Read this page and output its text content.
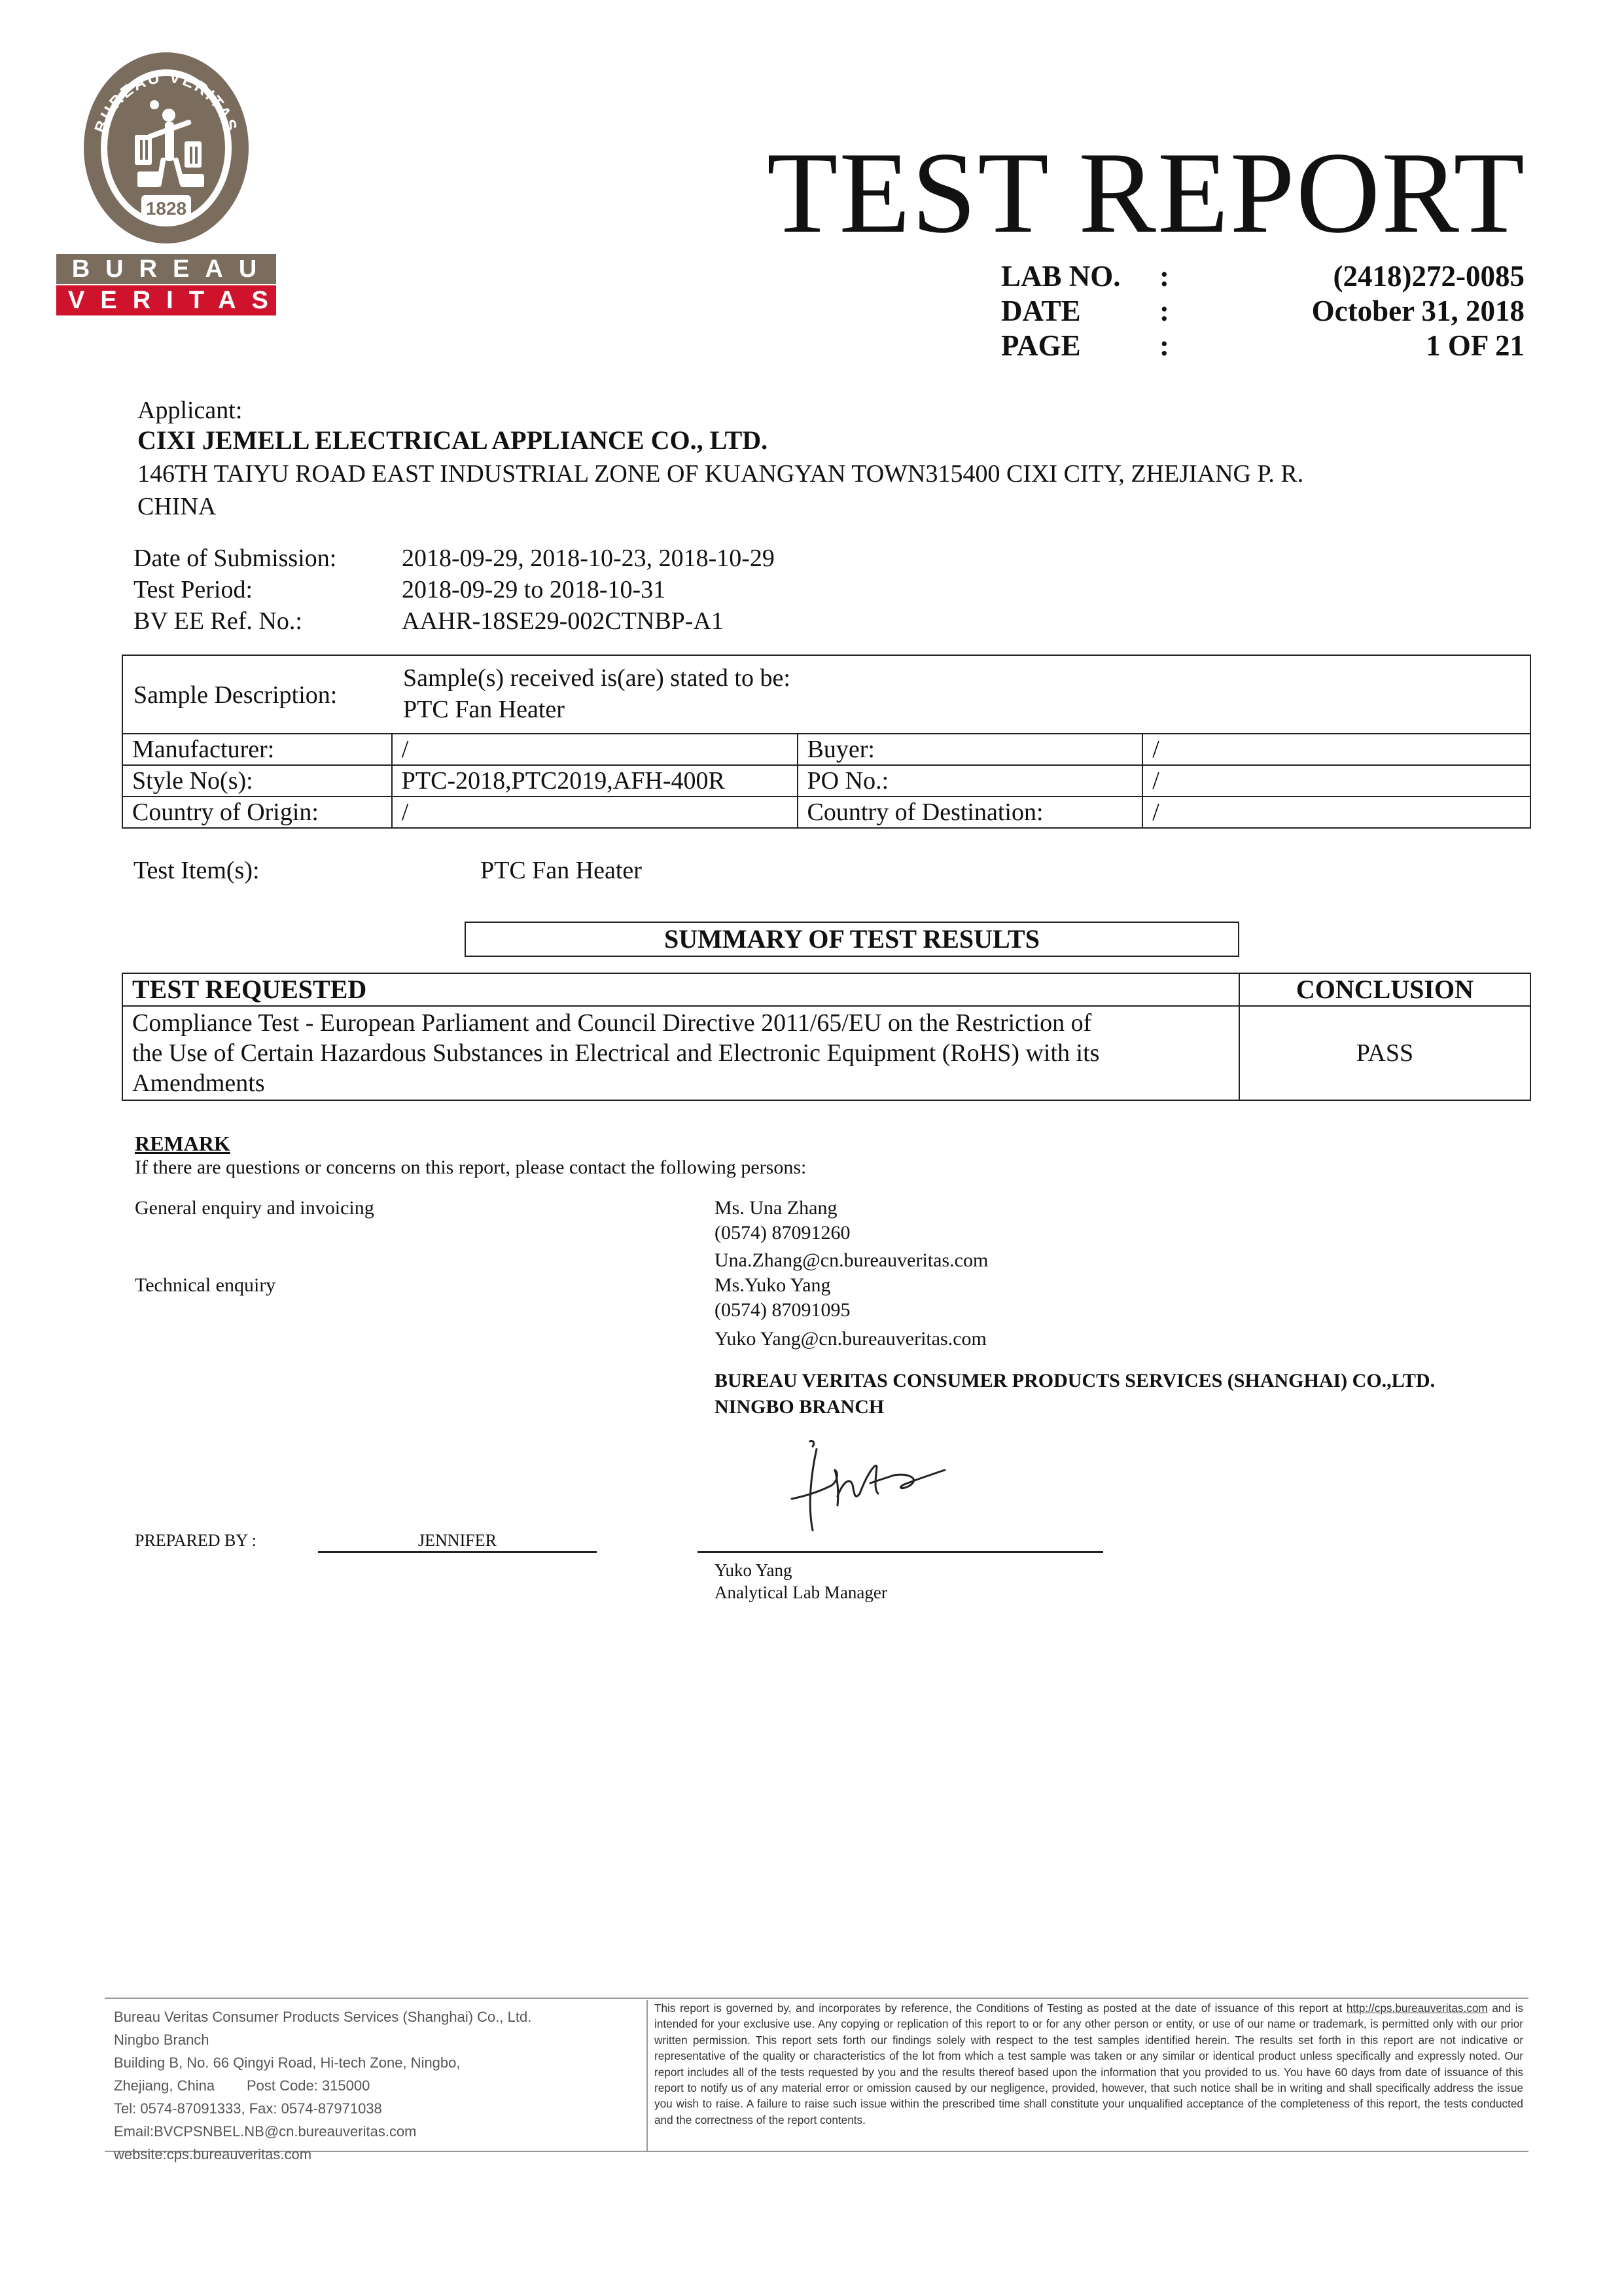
BUREAU VERITAS
1828
BUREAU
VERITAS
TEST REPORT
LAB NO. :	(2418)272-0085
DATE	:	October 31, 2018
PAGE	:	1 OF 21
Applicant:
CIXI JEMELL ELECTRICAL APPLIANCE CO., LTD.
146TH TAIYU ROAD EAST INDUSTRIAL ZONE OF KUANGYAN TOWN315400 CIXI CITY, ZHEJIANG P. R.
CHINA
Date of Submission:	2018-09-29, 2018-10-23, 2018-10-29
Test Period:	2018-09-29 to 2018-10-31
BV EE Ref. No.:	AAHR-18SE29-002CTNBP-A1
Sample Description:
Sample(s) received is(are) stated to be:
PTC Fan Heater
Manufacturer:	/	Buyer:	/
Style No(s):	PTC-2018,PTC2019,AFH-400R	PO No.:	/
Country of Origin:	/	Country of Destination:	/
Test Item(s):	PTC Fan Heater
SUMMARY OF TEST RESULTS
TEST REQUESTED	CONCLUSION

Compliance Test - European Parliament and Council Directive 2011/65/EU on the Restriction of
the Use of Certain Hazardous Substances in Electrical and Electronic Equipment (RoHS) with its
Amendments	PASS
REMARK
If there are questions or concerns on this report, please contact the following persons:
General enquiry and invoicing	Ms. Una Zhang
(0574) 87091260
Una.Zhang@cn.bureauveritas.com
Technical enquiry	Ms.Yuko Yang
(0574) 87091095
Yuko Yang@cn.bureauveritas.com
BUREAU VERITAS CONSUMER PRODUCTS SERVICES (SHANGHAI) CO.,LTD.
NINGBO BRANCH
PREPARED BY :	JENNIFER
Yuko Yang
Analytical Lab Manager
Bureau Veritas Consumer Products Services (Shanghai) Co., Ltd.
Ningbo Branch
Building B, No. 66 Qingyi Road, Hi-tech Zone, Ningbo,
Zhejiang, China        Post Code: 315000
Tel: 0574-87091333, Fax: 0574-87971038
Email:BVCPSNBEL.NB@cn.bureauveritas.com
website:cps.bureauveritas.com
This report is governed by, and incorporates by reference, the Conditions of Testing as posted at the date of issuance of this report at http://cps.bureauveritas.com and is intended for your exclusive use. Any copying or replication of this report to or for any other person or entity, or use of our name or trademark, is permitted only with our prior written permission. This report sets forth our findings solely with respect to the test samples identified herein. The results set forth in this report are not indicative or representative of the quality or characteristics of the lot from which a test sample was taken or any similar or identical product unless specifically and expressly noted. Our report includes all of the tests requested by you and the results thereof based upon the information that you provided to us. You have 60 days from date of issuance of this report to notify us of any material error or omission caused by our negligence, provided, however, that such notice shall be in writing and shall specifically address the issue you wish to raise. A failure to raise such issue within the prescribed time shall constitute your unqualified acceptance of the completeness of this report, the tests conducted and the correctness of the report contents.
